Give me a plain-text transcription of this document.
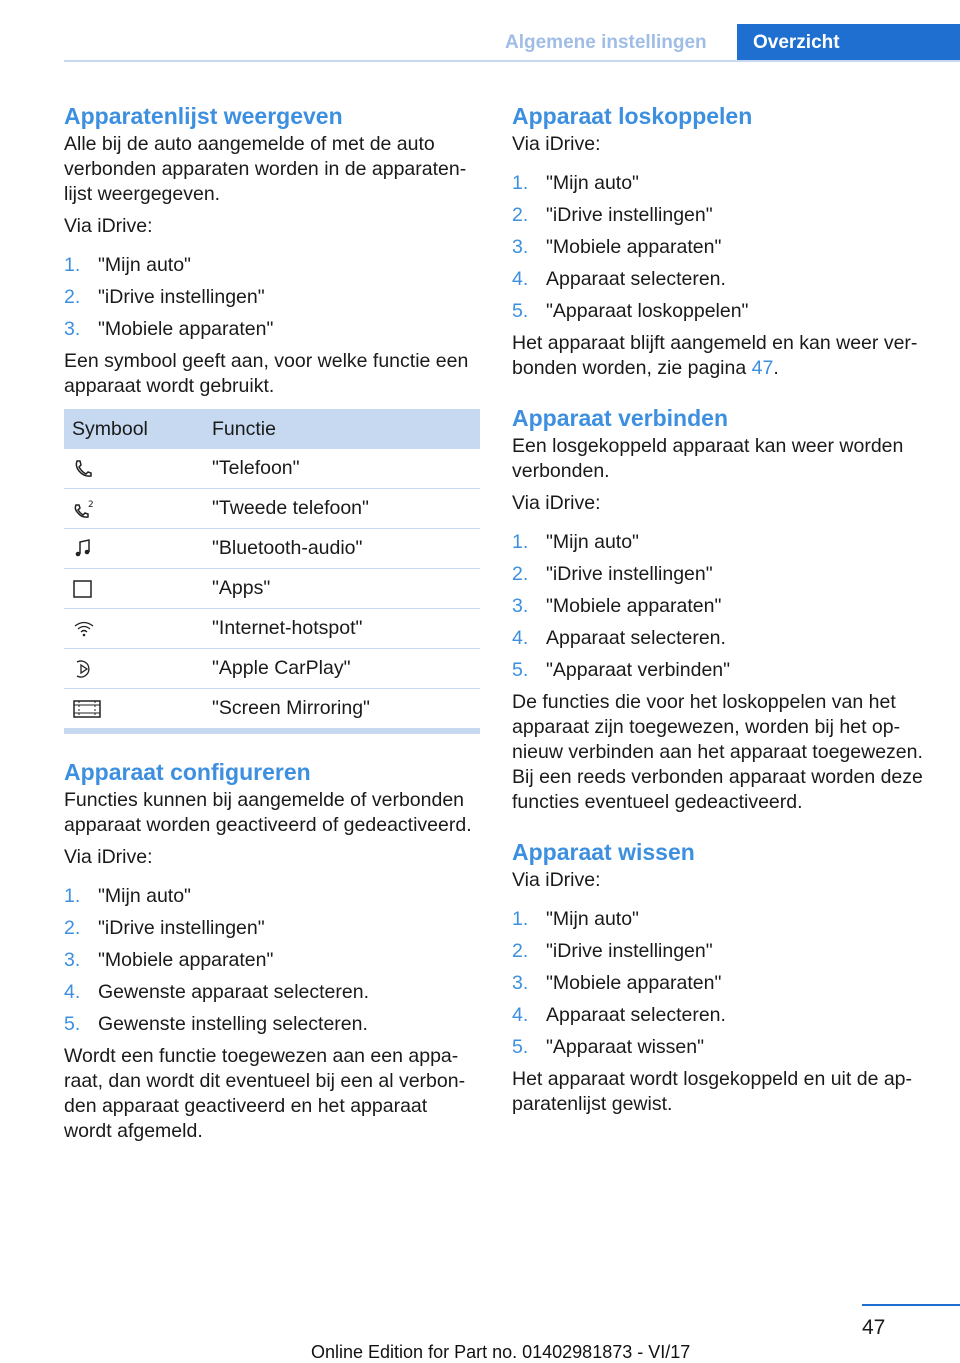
Algemene instellingen	Overzicht
Apparatenlijst weergeven

Alle bij de auto aangemelde of met de auto verbonden apparaten worden in de apparatenlijst weergegeven.

Via iDrive:

1. "Mijn auto"
2. "iDrive instellingen"
3. "Mobiele apparaten"

Een symbool geeft aan, voor welke functie een apparaat wordt gebruikt.

Symbool	Functie

	"Telefoon"

2	"Tweede telefoon"

	"Bluetooth-audio"

	"Apps"

	"Internet-hotspot"

	"Apple CarPlay"

	"Screen Mirroring"
Apparaat configureren

Functies kunnen bij aangemelde of verbonden apparaat worden geactiveerd of gedeactiveerd.

Via iDrive:

1. "Mijn auto"
2. "iDrive instellingen"
3. "Mobiele apparaten"
4. Gewenste apparaat selecteren.
5. Gewenste instelling selecteren.

Wordt een functie toegewezen aan een apparaat, dan wordt dit eventueel bij een al verbonden apparaat geactiveerd en het apparaat wordt afgemeld.

Apparaat loskoppelen

Via iDrive:

1. "Mijn auto"
2. "iDrive instellingen"
3. "Mobiele apparaten"
4. Apparaat selecteren.
5. "Apparaat loskoppelen"

Het apparaat blijft aangemeld en kan weer verbonden worden, zie pagina 47.

Apparaat verbinden

Een losgekoppeld apparaat kan weer worden verbonden.

Via iDrive:

1. "Mijn auto"
2. "iDrive instellingen"
3. "Mobiele apparaten"
4. Apparaat selecteren.
5. "Apparaat verbinden"

De functies die voor het loskoppelen van het apparaat zijn toegewezen, worden bij het opnieuw verbinden aan het apparaat toegewezen. Bij een reeds verbonden apparaat worden deze functies eventueel gedeactiveerd.

Apparaat wissen

Via iDrive:

1. "Mijn auto"
2. "iDrive instellingen"
3. "Mobiele apparaten"
4. Apparaat selecteren.
5. "Apparaat wissen"

Het apparaat wordt losgekoppeld en uit de apparatenlijst gewist.

47
Online Edition for Part no. 01402981873 - VI/17
